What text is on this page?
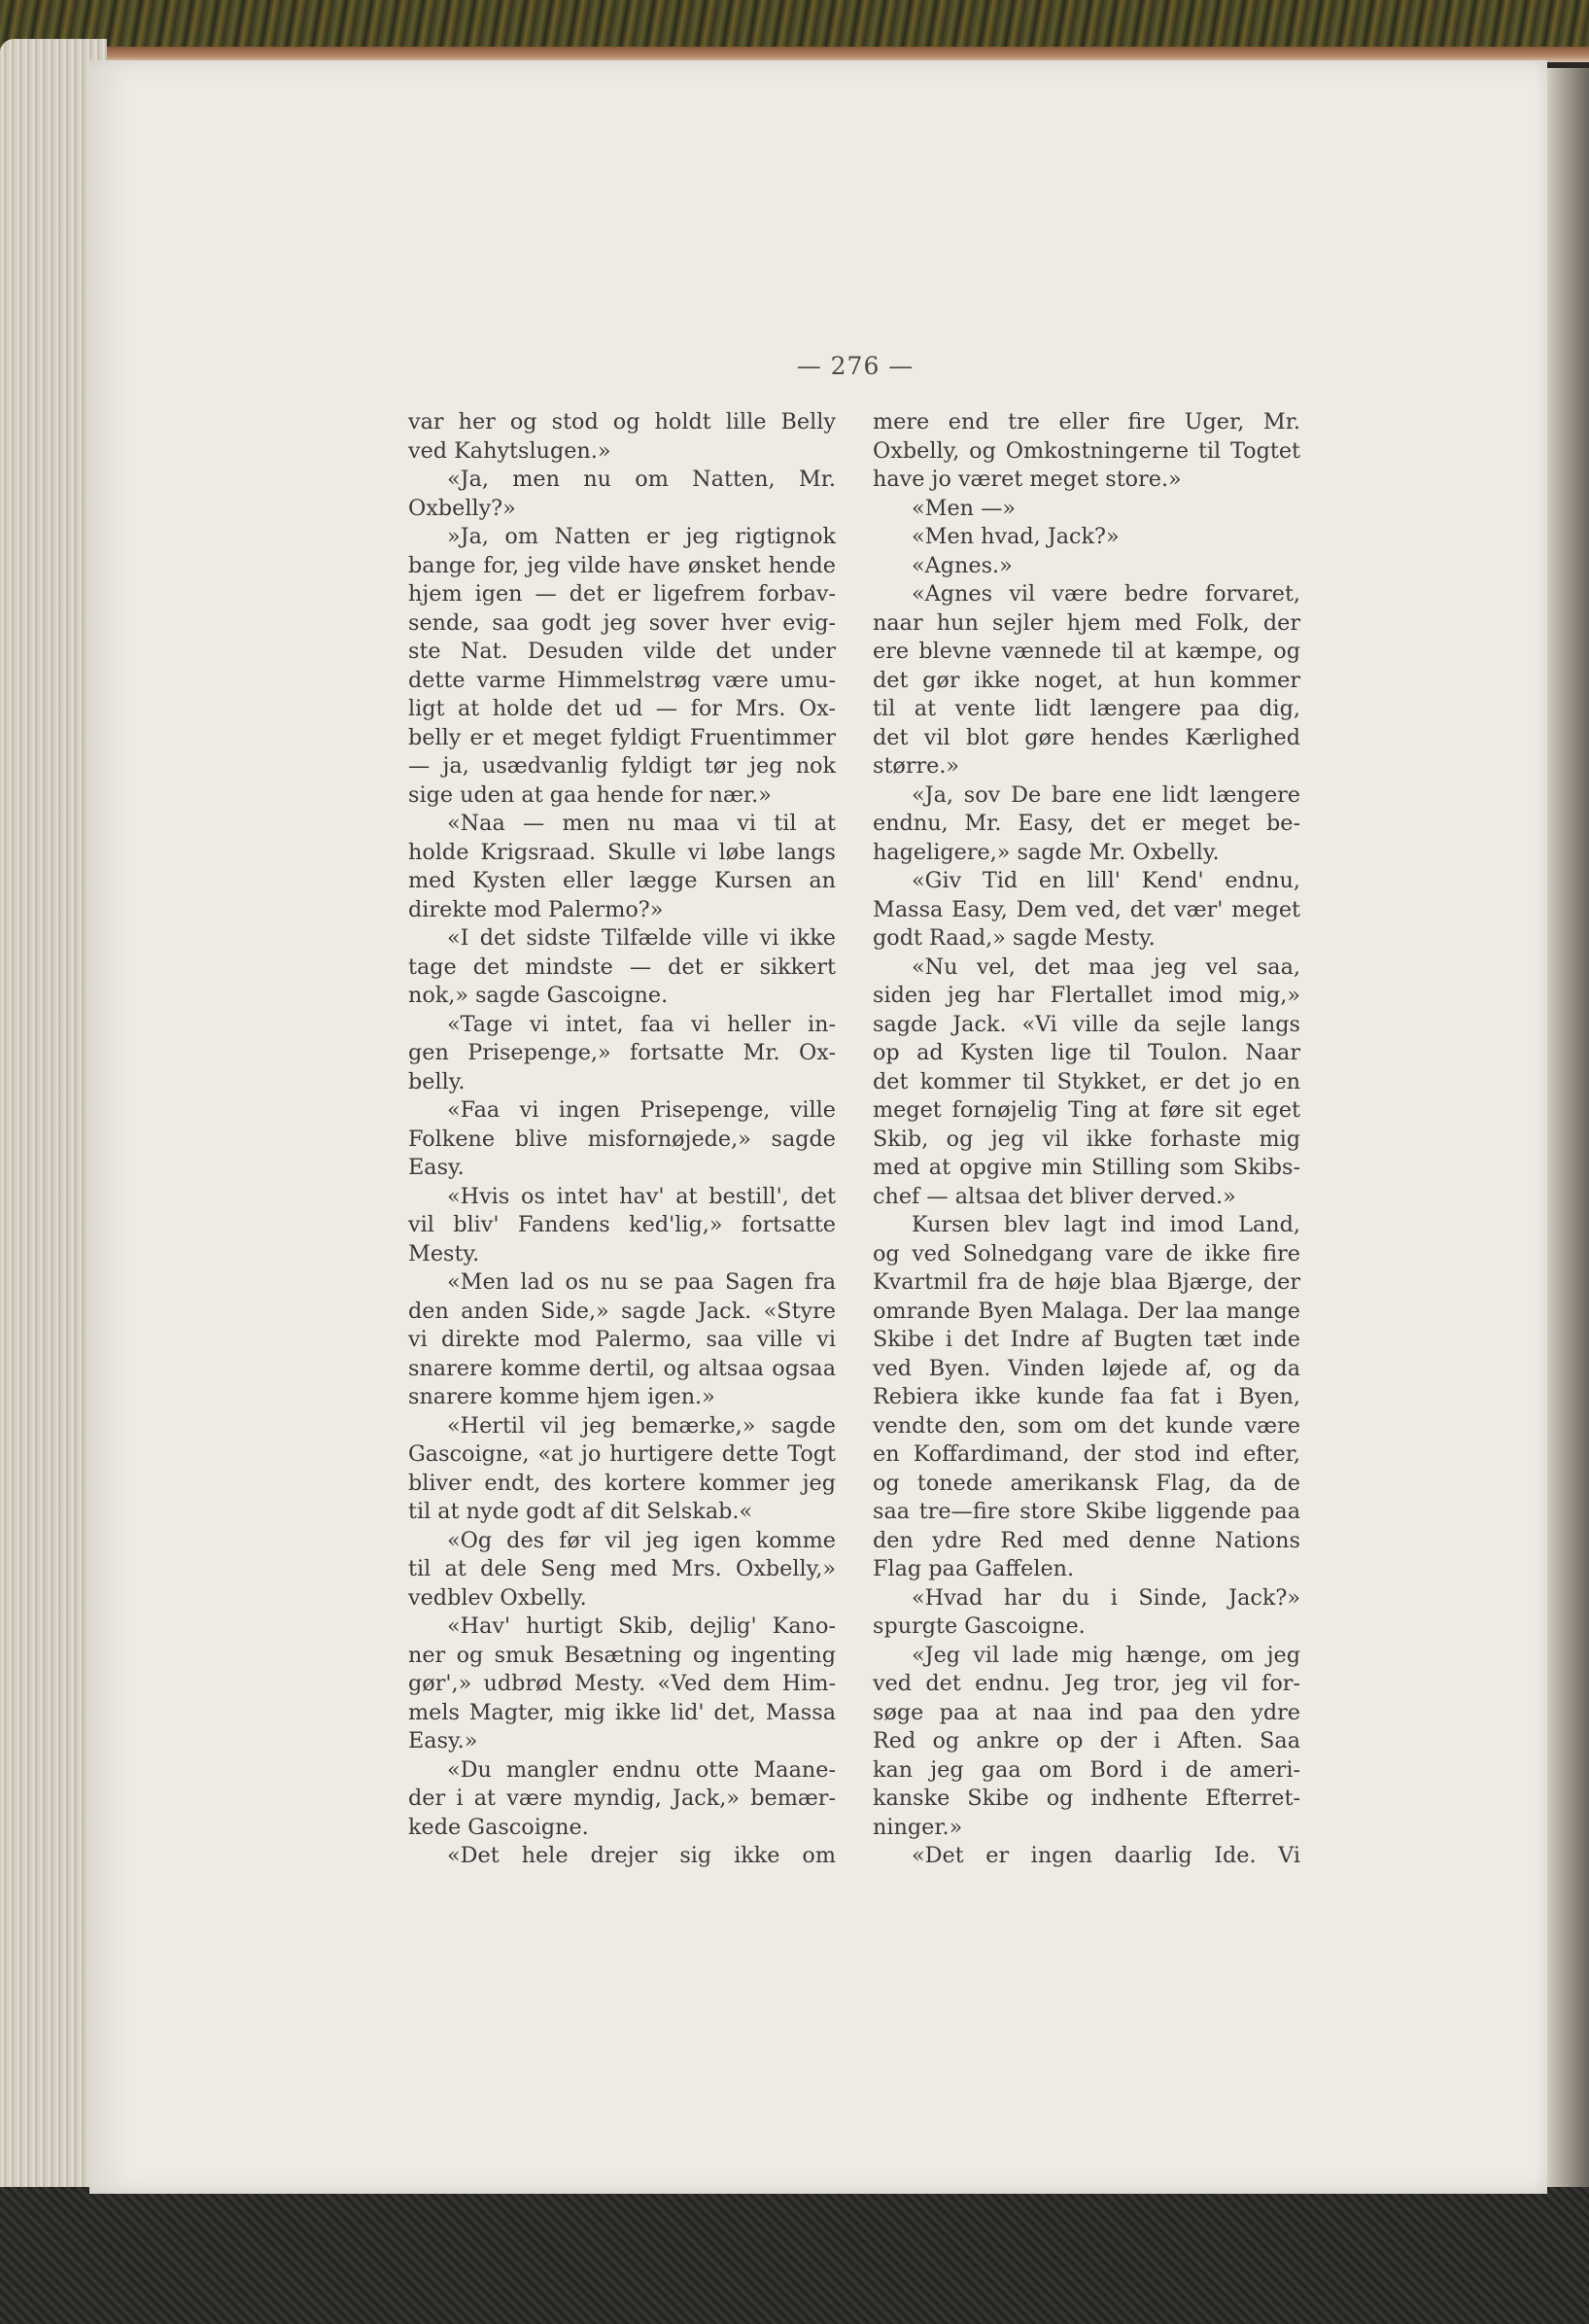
— 276 —
var her og stod og holdt lille Belly
ved Kahytslugen.»
«Ja, men nu om Natten, Mr.
Oxbelly?»
»Ja, om Natten er jeg rigtignok
bange for, jeg vilde have ønsket hende
hjem igen — det er ligefrem forbav-
sende, saa godt jeg sover hver evig-
ste Nat. Desuden vilde det under
dette varme Himmelstrøg være umu-
ligt at holde det ud — for Mrs. Ox-
belly er et meget fyldigt Fruentimmer
— ja, usædvanlig fyldigt tør jeg nok
sige uden at gaa hende for nær.»
«Naa — men nu maa vi til at
holde Krigsraad. Skulle vi løbe langs
med Kysten eller lægge Kursen an
direkte mod Palermo?»
«I det sidste Tilfælde ville vi ikke
tage det mindste — det er sikkert
nok,» sagde Gascoigne.
«Tage vi intet, faa vi heller in-
gen Prisepenge,» fortsatte Mr. Ox-
belly.
«Faa vi ingen Prisepenge, ville
Folkene blive misfornøjede,» sagde
Easy.
«Hvis os intet hav' at bestill', det
vil bliv' Fandens ked'lig,» fortsatte
Mesty.
«Men lad os nu se paa Sagen fra
den anden Side,» sagde Jack. «Styre
vi direkte mod Palermo, saa ville vi
snarere komme dertil, og altsaa ogsaa
snarere komme hjem igen.»
«Hertil vil jeg bemærke,» sagde
Gascoigne, «at jo hurtigere dette Togt
bliver endt, des kortere kommer jeg
til at nyde godt af dit Selskab.«
«Og des før vil jeg igen komme
til at dele Seng med Mrs. Oxbelly,»
vedblev Oxbelly.
«Hav' hurtigt Skib, dejlig' Kano-
ner og smuk Besætning og ingenting
gør',» udbrød Mesty. «Ved dem Him-
mels Magter, mig ikke lid' det, Massa
Easy.»
«Du mangler endnu otte Maane-
der i at være myndig, Jack,» bemær-
kede Gascoigne.
«Det hele drejer sig ikke om
mere end tre eller fire Uger, Mr.
Oxbelly, og Omkostningerne til Togtet
have jo været meget store.»
«Men —»
«Men hvad, Jack?»
«Agnes.»
«Agnes vil være bedre forvaret,
naar hun sejler hjem med Folk, der
ere blevne vænnede til at kæmpe, og
det gør ikke noget, at hun kommer
til at vente lidt længere paa dig,
det vil blot gøre hendes Kærlighed
større.»
«Ja, sov De bare ene lidt længere
endnu, Mr. Easy, det er meget be-
hageligere,» sagde Mr. Oxbelly.
«Giv Tid en lill' Kend' endnu,
Massa Easy, Dem ved, det vær' meget
godt Raad,» sagde Mesty.
«Nu vel, det maa jeg vel saa,
siden jeg har Flertallet imod mig,»
sagde Jack. «Vi ville da sejle langs
op ad Kysten lige til Toulon. Naar
det kommer til Stykket, er det jo en
meget fornøjelig Ting at føre sit eget
Skib, og jeg vil ikke forhaste mig
med at opgive min Stilling som Skibs-
chef — altsaa det bliver derved.»
Kursen blev lagt ind imod Land,
og ved Solnedgang vare de ikke fire
Kvartmil fra de høje blaa Bjærge, der
omrande Byen Malaga. Der laa mange
Skibe i det Indre af Bugten tæt inde
ved Byen. Vinden løjede af, og da
Rebiera ikke kunde faa fat i Byen,
vendte den, som om det kunde være
en Koffardimand, der stod ind efter,
og tonede amerikansk Flag, da de
saa tre—fire store Skibe liggende paa
den ydre Red med denne Nations
Flag paa Gaffelen.
«Hvad har du i Sinde, Jack?»
spurgte Gascoigne.
«Jeg vil lade mig hænge, om jeg
ved det endnu. Jeg tror, jeg vil for-
søge paa at naa ind paa den ydre
Red og ankre op der i Aften. Saa
kan jeg gaa om Bord i de ameri-
kanske Skibe og indhente Efterret-
ninger.»
«Det er ingen daarlig Ide. Vi
